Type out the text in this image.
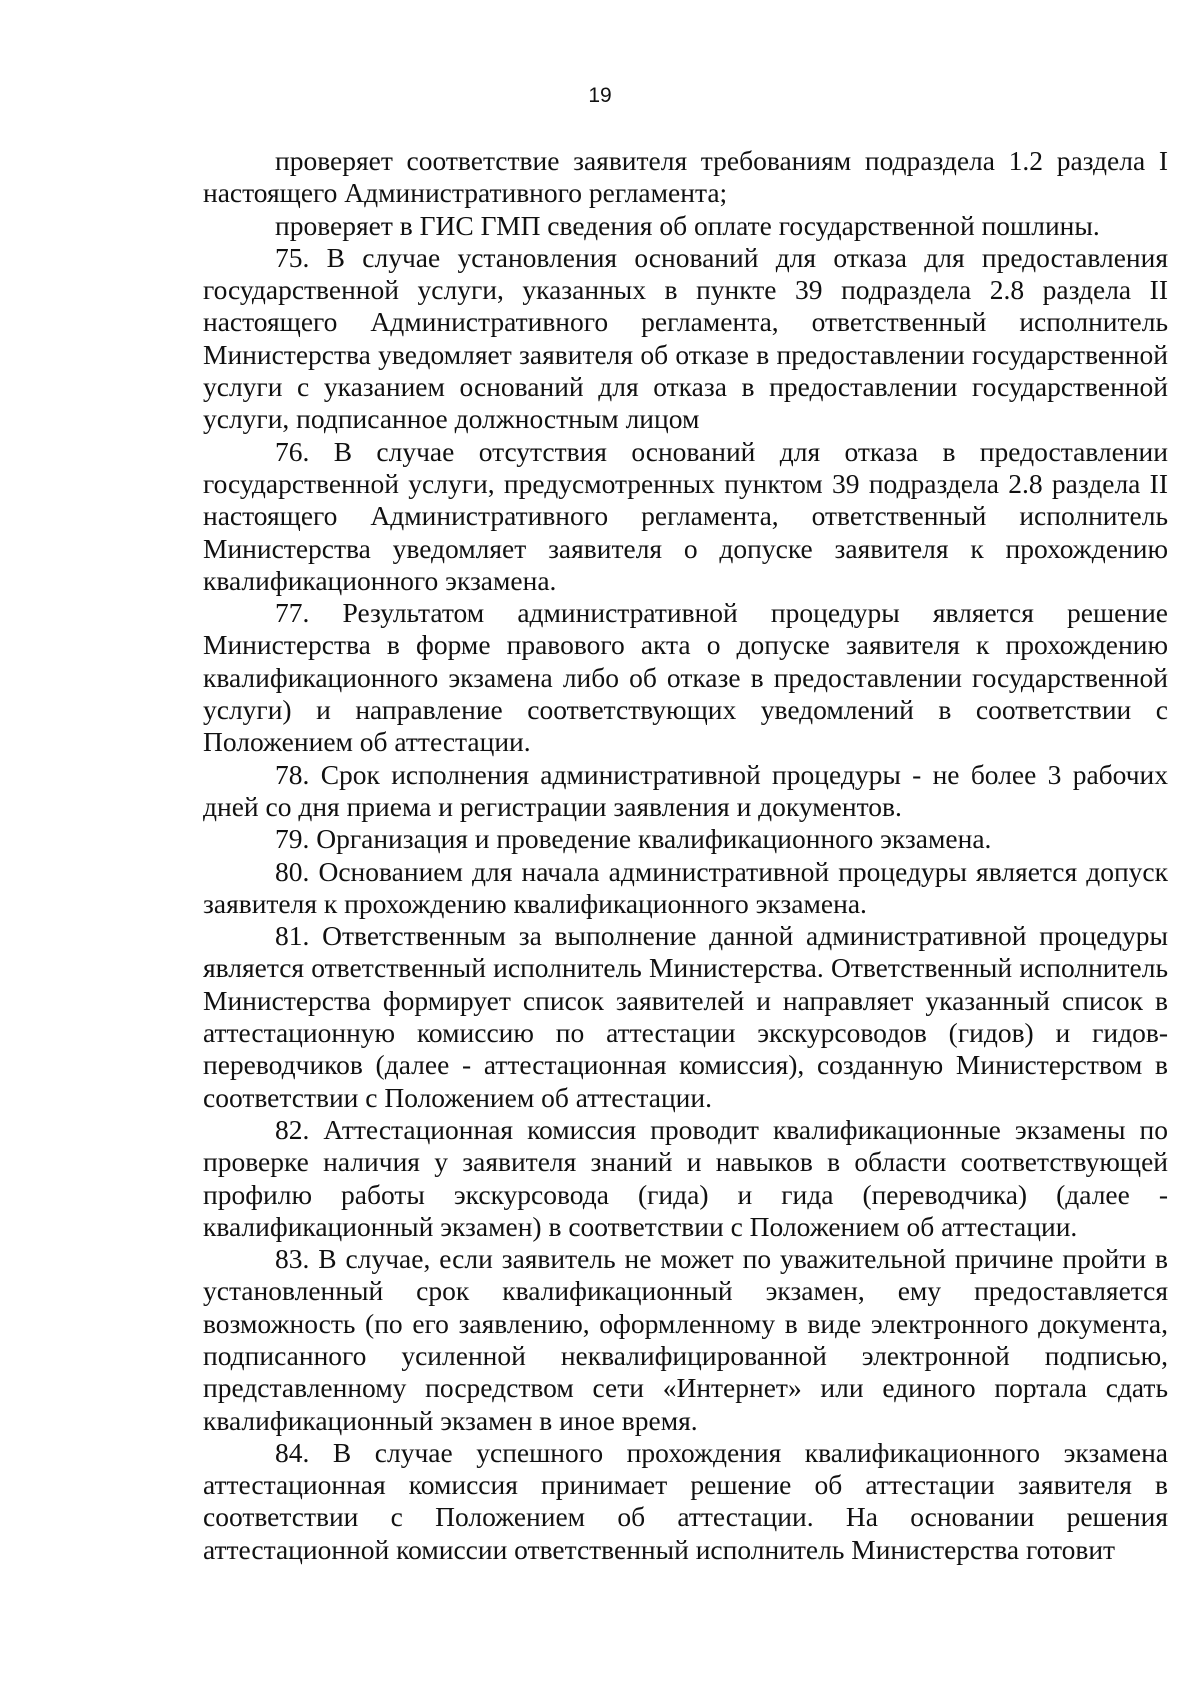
19

проверяет соответствие заявителя требованиям подраздела 1.2 раздела I настоящего Административного регламента;

проверяет в ГИС ГМП сведения об оплате государственной пошлины.

75. В случае установления оснований для отказа для предоставления государственной услуги, указанных в пункте 39 подраздела 2.8 раздела II настоящего Административного регламента, ответственный исполнитель Министерства уведомляет заявителя об отказе в предоставлении государственной услуги с указанием оснований для отказа в предоставлении государственной услуги, подписанное должностным лицом

76. В случае отсутствия оснований для отказа в предоставлении государственной услуги, предусмотренных пунктом 39 подраздела 2.8 раздела II настоящего Административного регламента, ответственный исполнитель Министерства уведомляет заявителя о допуске заявителя к прохождению квалификационного экзамена.

77. Результатом административной процедуры является решение Министерства в форме правового акта о допуске заявителя к прохождению квалификационного экзамена либо об отказе в предоставлении государственной услуги) и направление соответствующих уведомлений в соответствии с Положением об аттестации.

78. Срок исполнения административной процедуры - не более 3 рабочих дней со дня приема и регистрации заявления и документов.

79. Организация и проведение квалификационного экзамена.

80. Основанием для начала административной процедуры является допуск заявителя к прохождению квалификационного экзамена.

81. Ответственным за выполнение данной административной процедуры является ответственный исполнитель Министерства. Ответственный исполнитель Министерства формирует список заявителей и направляет указанный список в аттестационную комиссию по аттестации экскурсоводов (гидов) и гидов-переводчиков (далее - аттестационная комиссия), созданную Министерством в соответствии с Положением об аттестации.

82. Аттестационная комиссия проводит квалификационные экзамены по проверке наличия у заявителя знаний и навыков в области соответствующей профилю работы экскурсовода (гида) и гида (переводчика) (далее - квалификационный экзамен) в соответствии с Положением об аттестации.

83. В случае, если заявитель не может по уважительной причине пройти в установленный срок квалификационный экзамен, ему предоставляется возможность (по его заявлению, оформленному в виде электронного документа, подписанного усиленной неквалифицированной электронной подписью, представленному посредством сети «Интернет» или единого портала сдать квалификационный экзамен в иное время.

84. В случае успешного прохождения квалификационного экзамена аттестационная комиссия принимает решение об аттестации заявителя в соответствии с Положением об аттестации. На основании решения аттестационной комиссии ответственный исполнитель Министерства готовит
